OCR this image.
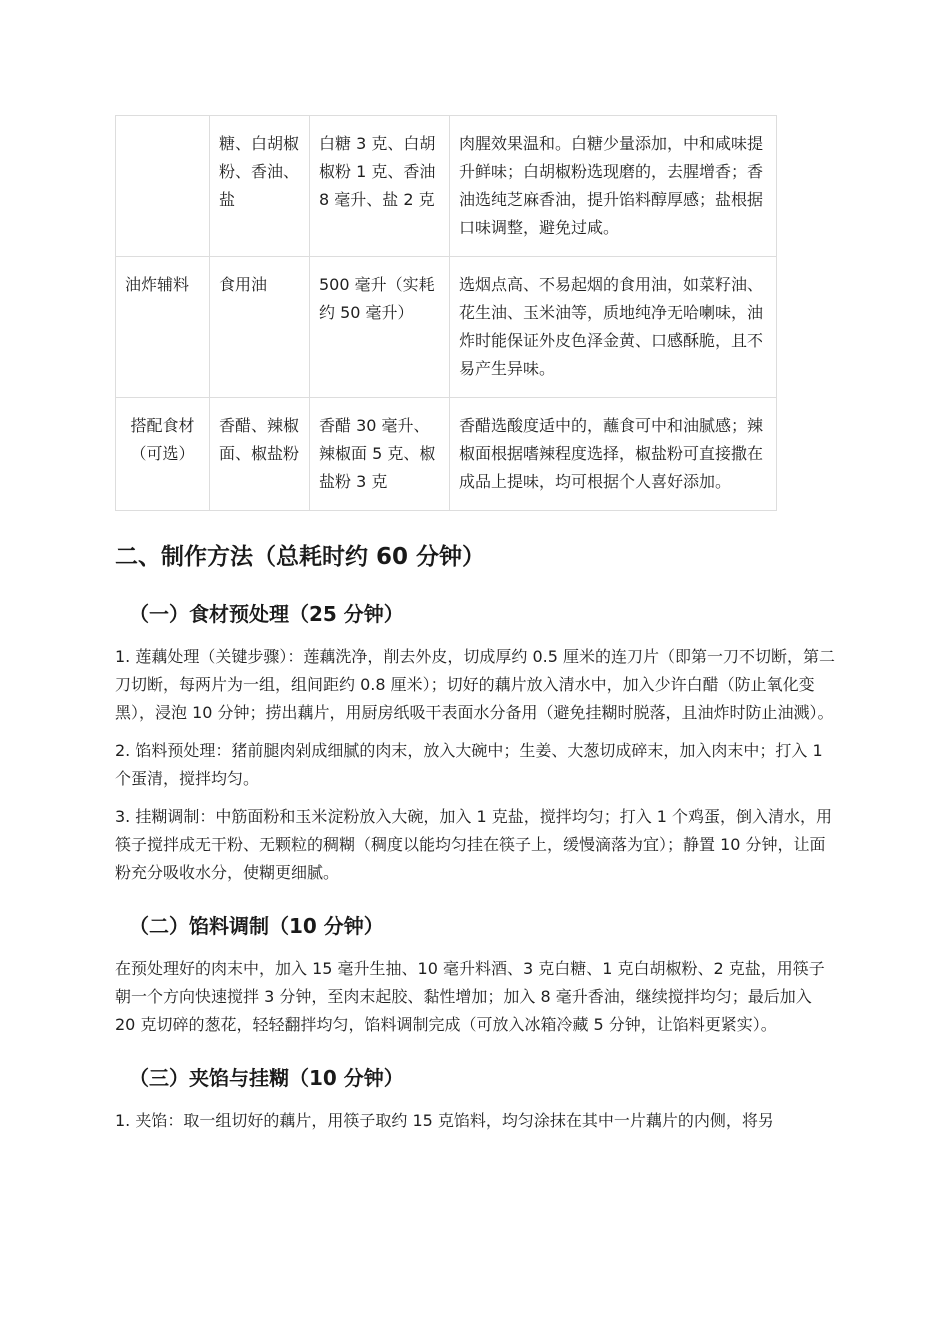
	糖、白胡椒粉、香油、盐	白糖 3 克、白胡椒粉 1 克、香油 8 毫升、盐 2 克	肉腥效果温和。白糖少量添加，中和咸味提升鲜味；白胡椒粉选现磨的，去腥增香；香油选纯芝麻香油，提升馅料醇厚感；盐根据口味调整，避免过咸。
油炸辅料	食用油	500 毫升（实耗约 50 毫升）	选烟点高、不易起烟的食用油，如菜籽油、花生油、玉米油等，质地纯净无哈喇味，油炸时能保证外皮色泽金黄、口感酥脆，且不易产生异味。
搭配食材（可选）	香醋、辣椒面、椒盐粉	香醋 30 毫升、辣椒面 5 克、椒盐粉 3 克	香醋选酸度适中的，蘸食可中和油腻感；辣椒面根据嗜辣程度选择，椒盐粉可直接撒在成品上提味，均可根据个人喜好添加。
二、制作方法（总耗时约 60 分钟）
（一）食材预处理（25 分钟）

1. 莲藕处理（关键步骤）：莲藕洗净，削去外皮，切成厚约 0.5 厘米的连刀片（即第一刀不切断，第二刀切断，每两片为一组，组间距约 0.8 厘米）；切好的藕片放入清水中，加入少许白醋（防止氧化变黑），浸泡 10 分钟；捞出藕片，用厨房纸吸干表面水分备用（避免挂糊时脱落，且油炸时防止油溅）。

2. 馅料预处理：猪前腿肉剁成细腻的肉末，放入大碗中；生姜、大葱切成碎末，加入肉末中；打入 1 个蛋清，搅拌均匀。

3. 挂糊调制：中筋面粉和玉米淀粉放入大碗，加入 1 克盐，搅拌均匀；打入 1 个鸡蛋，倒入清水，用筷子搅拌成无干粉、无颗粒的稠糊（稠度以能均匀挂在筷子上，缓慢滴落为宜）；静置 10 分钟，让面粉充分吸收水分，使糊更细腻。

（二）馅料调制（10 分钟）

在预处理好的肉末中，加入 15 毫升生抽、10 毫升料酒、3 克白糖、1 克白胡椒粉、2 克盐，用筷子朝一个方向快速搅拌 3 分钟，至肉末起胶、黏性增加；加入 8 毫升香油，继续搅拌均匀；最后加入 20 克切碎的葱花，轻轻翻拌均匀，馅料调制完成（可放入冰箱冷藏 5 分钟，让馅料更紧实）。

（三）夹馅与挂糊（10 分钟）

1. 夹馅：取一组切好的藕片，用筷子取约 15 克馅料，均匀涂抹在其中一片藕片的内侧，将另
